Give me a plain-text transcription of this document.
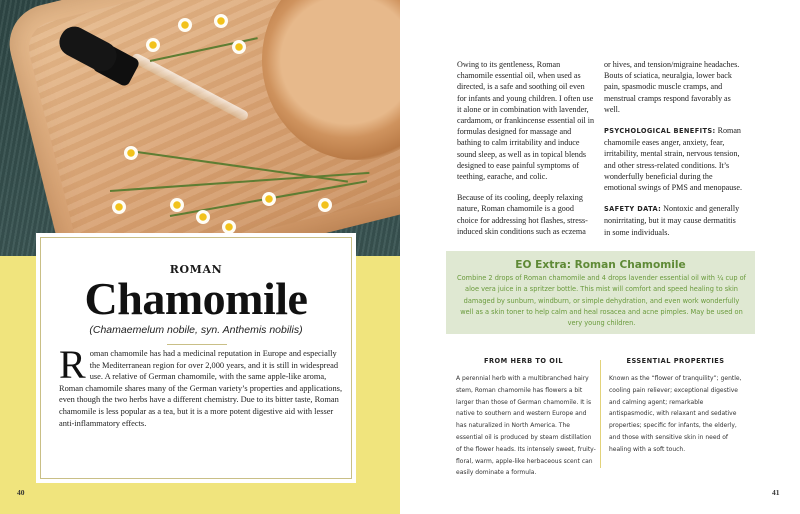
ROMAN
Chamomile
(Chamaemelum nobile, syn. Anthemis nobilis)
Roman chamomile has had a medicinal reputation in Europe and especially the Mediterranean region for over 2,000 years, and it is still in widespread use. A relative of German chamomile, with the same apple-like aroma, Roman chamomile shares many of the German variety’s properties and applications, even though the two herbs have a different chemistry. Due to its bitter taste, Roman chamomile is less popular as a tea, but it is a more potent digestive aid with lesser anti-inflammatory effects.
40

Owing to its gentleness, Roman chamomile essential oil, when used as directed, is a safe and soothing oil even for infants and young children. I often use it alone or in combination with lavender, cardamom, or frankincense essential oil in formulas designed for massage and bathing to calm irritability and induce sound sleep, as well as in topical blends designed to ease painful symptoms of teething, earache, and colic.

Because of its cooling, deeply relaxing nature, Roman chamomile is a good choice for addressing hot flashes, stress-induced skin conditions such as eczema

or hives, and tension/migraine headaches. Bouts of sciatica, neuralgia, lower back pain, spasmodic muscle cramps, and menstrual cramps respond favorably as well.

PSYCHOLOGICAL BENEFITS: Roman chamomile eases anger, anxiety, fear, irritability, mental strain, nervous tension, and other stress-related conditions. It’s wonderfully beneficial during the emotional swings of PMS and menopause.

SAFETY DATA: Nontoxic and generally nonirritating, but it may cause dermatitis in some individuals.

EO Extra: Roman Chamomile
Combine 2 drops of Roman chamomile and 4 drops lavender essential oil with ¼ cup of aloe vera juice in a spritzer bottle. This mist will comfort and speed healing to skin damaged by sunburn, windburn, or simple dehydration, and even work wonderfully well as a skin toner to help calm and heal rosacea and acne pimples. May be used on very young children.
FROM HERB TO OIL	ESSENTIAL PROPERTIES
A perennial herb with a multibranched hairy stem, Roman chamomile has flowers a bit larger than those of German chamomile. It is native to southern and western Europe and has naturalized in North America. The essential oil is produced by steam distillation of the flower heads. Its intensely sweet, fruity-floral, warm, apple-like herbaceous scent can easily dominate a formula.
Known as the “flower of tranquility”; gentle, cooling pain reliever; exceptional digestive and calming agent; remarkable antispasmodic, with relaxant and sedative properties; specific for infants, the elderly, and those with sensitive skin in need of healing with a soft touch.
41
